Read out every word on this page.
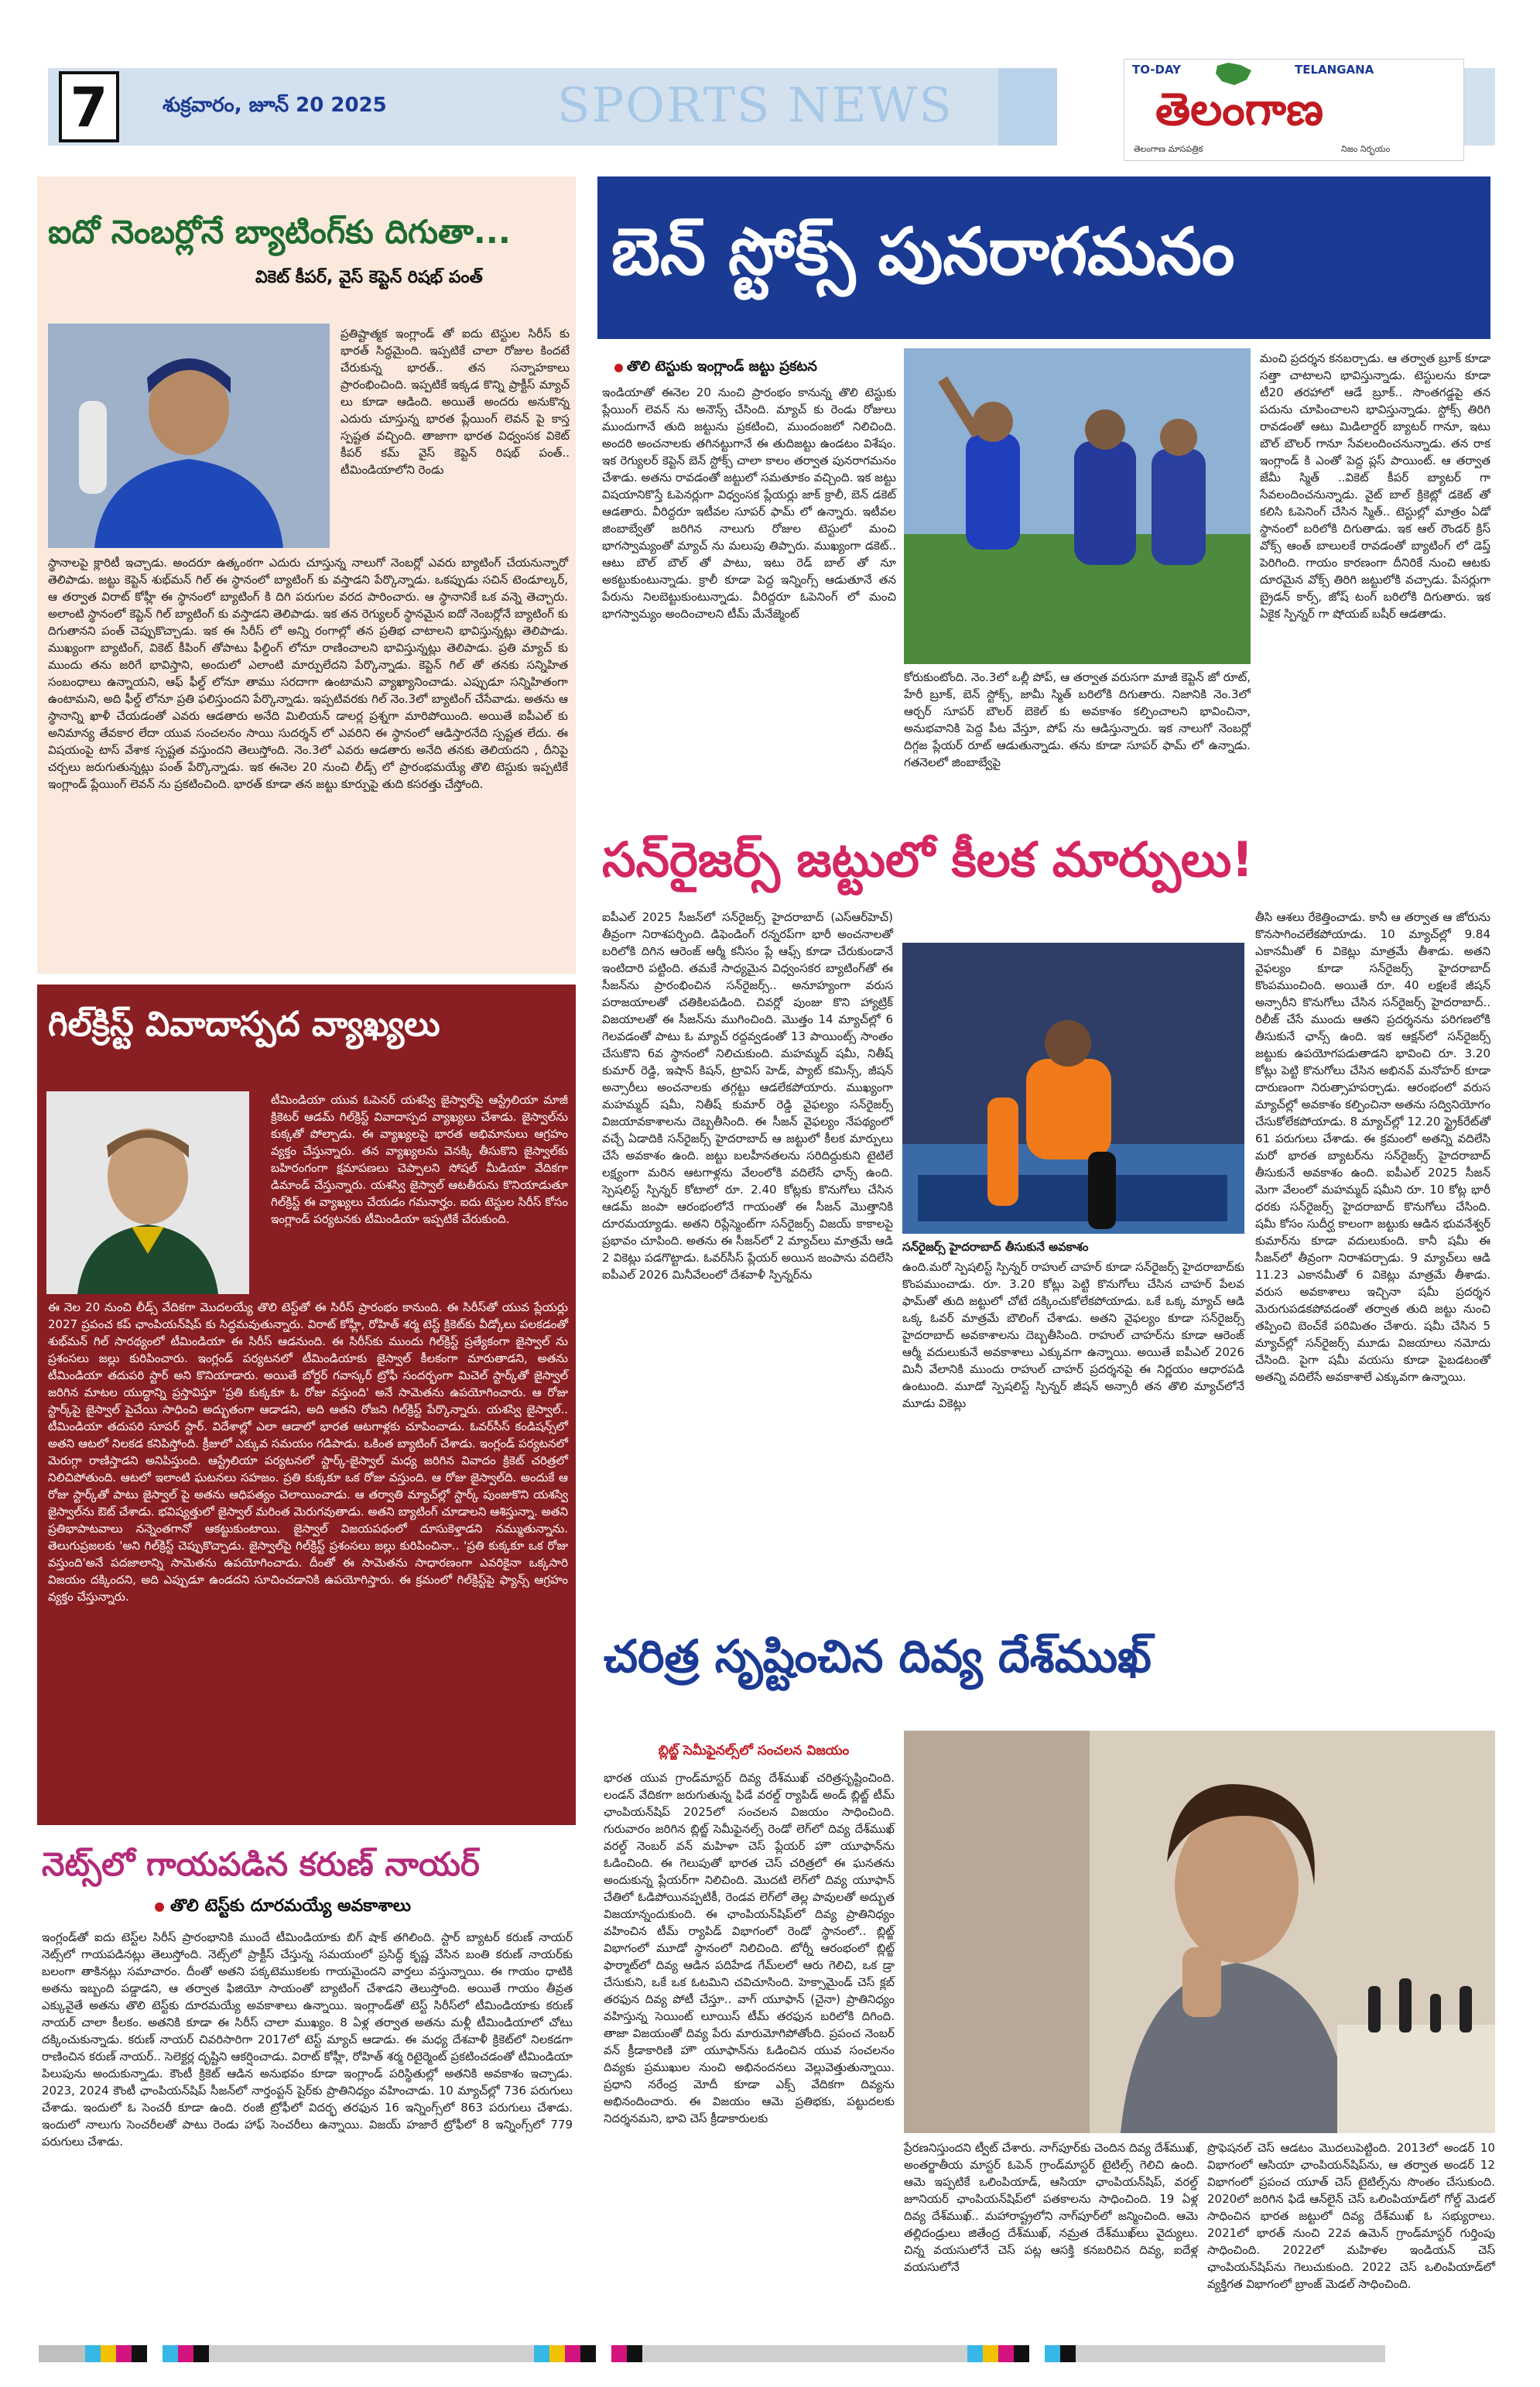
7	శుక్రవారం, జూన్ 20 2025	SPORTS NEWS
TO-DAY	TELANGANA
తెలంగాణ
తెలంగాణ మాసపత్రిక	నిజం నిర్భయం
ఐదో నెంబర్లోనే బ్యాటింగ్‌కు దిగుతా...
వికెట్ కీపర్, వైస్ కెప్టెన్ రిషభ్ పంత్
ప్రతిష్టాత్మక ఇంగ్లాండ్ తో ఐదు టెస్టుల సిరీస్ కు భారత్ సిద్ధమైంది. ఇప్పటికే చాలా రోజుల కిందటే చేరుకున్న భారత్.. తన సన్నాహకాలు ప్రారంభించింది. ఇప్పటికే ఇక్కడ కొన్ని ప్రాక్టీస్ మ్యాచ్ లు కూడా ఆడింది. అయితే అందరు అనుకొన్న ఎదురు చూస్తున్న భారత ప్లేయింగ్ లెవన్ పై కాస్త స్పష్టత వచ్చింది. తాజాగా భారత విధ్వంసక వికెట్ కీపర్ కమ్ వైస్ కెప్టెన్ రిషభ్ పంత్.. టీమిండియాలోని రెండు
స్థానాలపై క్లారిటీ ఇచ్చాడు. అందరూ ఉత్కంఠగా ఎదురు చూస్తున్న నాలుగో నెంబర్లో ఎవరు బ్యాటింగ్ చేయనున్నారో తెలిపాడు. జట్టు కెప్టెన్ శుభ్‌మన్ గిల్ ఈ స్థానంలో బ్యాటింగ్ కు వస్తాడని పేర్కొన్నాడు. ఒకప్పుడు సచిన్ టెండూల్కర్, ఆ తర్వాత విరాట్ కోహ్లీ ఈ స్థానంలో బ్యాటింగ్ కి దిగి పరుగుల వరద పారించారు. ఆ స్థానానికే ఒక వన్నె తెచ్చారు. అలాంటి స్థానంలో కెప్టెన్ గిల్ బ్యాటింగ్ కు వస్తాడని తెలిపాడు. ఇక తన రెగ్యులర్ స్థానమైన ఐదో నెంబర్లోనే బ్యాటింగ్ కు దిగుతానని పంత్ చెప్పుకొచ్చాడు. ఇక ఈ సిరీస్ లో అన్ని రంగాల్లో తన ప్రతిభ చాటాలని భావిస్తున్నట్లు తెలిపాడు. ముఖ్యంగా బ్యాటింగ్, వికెట్ కీపింగ్ తోపాటు ఫీల్డింగ్ లోనూ రాణించాలని భావిస్తున్నట్లు తెలిపాడు. ప్రతి మ్యాచ్ కు ముందు తను జరిగే భావిస్తాని, అందులో ఎలాంటి మార్పులేదని పేర్కొన్నాడు. కెప్టెన్ గిల్ తో తనకు సన్నిహిత సంబంధాలు ఉన్నాయని, ఆఫ్ ఫీల్డ్ లోనూ తాము సరదాగా ఉంటామని వ్యాఖ్యానించాడు. ఎప్పుడూ సన్నిహితంగా ఉంటామని, అది ఫీల్డ్ లోనూ ప్రతి ఫలిస్తుందని పేర్కొన్నాడు. ఇప్పటివరకు గిల్ నెం.3లో బ్యాటింగ్ చేసేవాడు. అతను ఆ స్థానాన్ని ఖాళీ చేయడంతో ఎవరు ఆడతారు అనేది మిలియన్ డాలర్ల ప్రశ్నగా మారిపోయింది. అయితే ఐపీఎల్ కు అనిమాన్య తేవకార లేదా యువ సంచలనం సాయి సుదర్శన్ లో ఎవరిని ఈ స్థానంలో ఆడిస్తారనేది స్పష్టత లేదు. ఈ విషయంపై టాస్ వేశాక స్పష్టత వస్తుందని తెలుస్తోంది. నెం.3లో ఎవరు ఆడతారు అనేది తనకు తెలియదని , దీనిపై చర్చలు జరుగుతున్నట్లు పంత్ పేర్కొన్నాడు. ఇక ఈనెల 20 నుంచి లీడ్స్ లో ప్రారంభమయ్యే తొలి టెస్టుకు ఇప్పటికే ఇంగ్లాండ్ ప్లేయింగ్ లెవన్ ను ప్రకటించింది. భారత్ కూడా తన జట్టు కూర్పుపై తుది కసరత్తు చేస్తోంది.
గిల్‌క్రిస్ట్ వివాదాస్పద వ్యాఖ్యలు
టీమిండియా యువ ఓపెనర్ యశస్వి జైస్వాల్‌పై ఆస్ట్రేలియా మాజీ క్రికెటర్ ఆడమ్ గిల్‌క్రిస్ట్ వివాదాస్పద వ్యాఖ్యలు చేశాడు. జైస్వాల్‌ను కుక్కతో పోల్చాడు. ఈ వ్యాఖ్యలపై భారత అభిమానులు ఆగ్రహం వ్యక్తం చేస్తున్నారు. తన వ్యాఖ్యలను వెనక్కి తీసుకొని జైస్వాల్‌కు బహిరంగంగా క్షమాపణలు చెప్పాలని సోషల్ మీడియా వేదికగా డిమాండ్ చేస్తున్నారు. యశస్వి జైస్వాల్ ఆటతీరును కొనియాడుతూ గిల్‌క్రిస్ట్ ఈ వ్యాఖ్యలు చేయడం గమనార్హం. ఐదు టెస్టుల సిరీస్ కోసం ఇంగ్లాండ్ పర్యటనకు టీమిండియా ఇప్పటికే చేరుకుంది.
ఈ నెల 20 నుంచి లీడ్స్ వేదికగా మొదలయ్యే తొలి టెస్ట్‌తో ఈ సిరీస్ ప్రారంభం కానుంది. ఈ సిరీస్‌తో యువ ప్లేయర్లు 2027 ప్రపంచ కప్ ఛాంపియన్‌షిప్ కు సిద్ధమవుతున్నారు. విరాట్ కోహ్లీ, రోహిత్ శర్మ టెస్ట్ క్రికెట్‌కు వీడ్కోలు పలకడంతో శుభ్‌మన్ గిల్ సారథ్యంలో టీమిండియా ఈ సిరీస్ ఆడనుంది. ఈ సిరీస్‌కు ముందు గిల్‌క్రిస్ట్ ప్రత్యేకంగా జైస్వాల్ ను ప్రశంసలు జల్లు కురిపించారు. ఇంగ్లండ్ పర్యటనలో టీమిండియాకు జైస్వాల్ కీలకంగా మారుతాడని, అతను టీమిండియా తదుపరి స్టార్ అని కొనియాడారు. అయితే బోర్డర్ గవాస్కర్ ట్రోఫీ సందర్భంగా మిచెల్ స్టార్క్‌తో జైస్వాల్ జరిగిన మాటల యుద్ధాన్ని ప్రస్తావిస్తూ 'ప్రతి కుక్కకూ ఓ రోజు వస్తుంది' అనే సామెతను ఉపయోగించారు. ఆ రోజు స్టార్క్‌పై జైస్వాల్ పైచేయి సాధించి అద్భుతంగా ఆడాడని, అది ఆతని రోజని గిల్‌క్రిస్ట్ పేర్కొన్నారు. యశస్వి జైస్వాల్.. టీమిండియా తదుపరి సూపర్ స్టార్. విదేశాల్లో ఎలా ఆడాలో భారత ఆటగాళ్లకు చూపించాడు. ఓవర్‌సీస్ కండిషన్స్‌లో అతని ఆటలో నిలకడ కనిపిస్తోంది. క్రీజులో ఎక్కువ సమయం గడిపాడు. ఒకింత బ్యాటింగ్ చేశాడు. ఇంగ్లండ్ పర్యటనలో మెరుగ్గా రాణిస్తాడని అనిపిస్తుంది. ఆస్ట్రేలియా పర్యటనలో స్టార్క్-జైస్వాల్ మధ్య జరిగిన వివాదం క్రికెట్ చరిత్రలో నిలిచిపోతుంది. ఆటలో ఇలాంటి ఘటనలు సహజం. ప్రతి కుక్కకూ ఒక రోజు వస్తుంది. ఆ రోజు జైస్వాల్‌ది. అందుకే ఆ రోజు స్టార్క్‌తో పాటు జైస్వాల్ పై అతను ఆధిపత్యం చెలాయించాడు. ఆ తర్వాతి మ్యాచ్‌ల్లో స్టార్క్ పుంజుకొని యశస్వి జైస్వాల్‌ను ఔట్ చేశాడు. భవిష్యత్తులో జైస్వాల్ మరింత మెరుగవుతాడు. అతని బ్యాటింగ్ చూడాలని ఆశిస్తున్నా. అతని ప్రతిభాపాటవాలు నన్నెంతగానో ఆకట్టుకుంటాయి. జైస్వాల్ విజయపథంలో దూసుకెళ్తాడని నమ్ముతున్నాను. తెలుగుప్రజలకు 'అని గిల్‌క్రిస్ట్ చెప్పుకొచ్చాడు. జైస్వాల్‌పై గిల్‌క్రిస్ట్ ప్రశంసలు జల్లు కురిపించినా.. 'ప్రతి కుక్కకూ ఒక రోజు వస్తుంది'అనే పదజాలాన్ని సామెతను ఉపయోగించాడు. దీంతో ఈ సామెతను సాధారణంగా ఎవరికైనా ఒక్కసారి విజయం దక్కిందని, అది ఎప్పుడూ ఉండదని సూచించడానికి ఉపయోగిస్తారు. ఈ క్రమంలో గిల్‌క్రిస్ట్‌పై ఫ్యాన్స్ ఆగ్రహం వ్యక్తం చేస్తున్నారు.
నెట్స్‌లో గాయపడిన కరుణ్ నాయర్
తొలి టెస్ట్‌కు దూరమయ్యే అవకాశాలు
ఇంగ్లండ్‌తో ఐదు టెస్ట్‌ల సిరీస్ ప్రారంభానికి ముందే టీమిండియాకు బిగ్ షాక్ తగిలింది. స్టార్ బ్యాటర్ కరుణ్ నాయర్ నెట్స్‌లో గాయపడినట్లు తెలుస్తోంది. నెట్స్‌లో ప్రాక్టీస్ చేస్తున్న సమయంలో ప్రసిద్ధ్ కృష్ణ వేసిన బంతి కరుణ్ నాయర్‌కు బలంగా తాకినట్లు సమాచారం. దీంతో అతని పక్కటెముకలకు గాయమైందని వార్తలు వస్తున్నాయి. ఈ గాయం ధాటికి అతను ఇబ్బంది పడ్డాడని, ఆ తర్వాత ఫిజియో సాయంతో బ్యాటింగ్ చేశాడని తెలుస్తోంది. అయితే గాయం తీవ్రత ఎక్కువైతే అతను తొలి టెస్ట్‌కు దూరమయ్యే అవకాశాలు ఉన్నాయి. ఇంగ్లాండ్‌తో టెస్ట్ సిరీస్‌లో టీమిండియాకు కరుణ్ నాయర్ చాలా కీలకం. అతనికి కూడా ఈ సిరీస్ చాలా ముఖ్యం. 8 ఏళ్ల తర్వాత అతను మళ్లీ టీమిండియాలో చోటు దక్కించుకున్నాడు. కరుణ్ నాయర్ చివరిసారిగా 2017లో టెస్ట్ మ్యాచ్ ఆడాడు. ఈ మధ్య దేశవాళీ క్రికెట్‌లో నిలకడగా రాణించిన కరుణ్ నాయర్.. సెలెక్టర్ల దృష్టిని ఆకర్షించాడు. విరాట్ కోహ్లీ, రోహిత్ శర్మ రిటైర్మెంట్ ప్రకటించడంతో టీమిండియా పిలుపును అందుకున్నాడు. కౌంటీ క్రికెట్ ఆడిన అనుభవం కూడా ఇంగ్లాండ్ పరిస్థితుల్లో అతనికి అవకాశం ఇచ్చాడు. 2023, 2024 కౌంటీ ఛాంపియన్‌షిప్ సీజన్‌లో నార్తంప్టన్ షైర్‌కు ప్రాతినిధ్యం వహించాడు. 10 మ్యాచ్‌ల్లో 736 పరుగులు చేశాడు. ఇందులో ఓ సెంచరీ కూడా ఉంది. రంజీ ట్రోఫీలో విదర్భ తరఫున 16 ఇన్నింగ్స్‌లో 863 పరుగులు చేశాడు. ఇందులో నాలుగు సెంచరీలతో పాటు రెండు హాఫ్ సెంచరీలు ఉన్నాయి. విజయ్ హజారే ట్రోఫీలో 8 ఇన్నింగ్స్‌లో 779 పరుగులు చేశాడు.
బెన్ స్టోక్స్ పునరాగమనం
తొలి టెస్టుకు ఇంగ్లాండ్ జట్టు ప్రకటన
ఇండియాతో ఈనెల 20 నుంచి ప్రారంభం కానున్న తొలి టెస్టుకు ప్లేయింగ్ లెవన్ ను అనౌన్స్ చేసింది. మ్యాచ్ కు రెండు రోజులు ముందుగానే తుది జట్టును ప్రకటించి, ముందంజలో నిలిచింది. అందరి అంచనాలకు తగినట్టుగానే ఈ తుదిజట్టు ఉండటం విశేషం. ఇక రెగ్యులర్ కెప్టెన్ బెన్ స్టోక్స్ చాలా కాలం తర్వాత పునరాగమనం చేశాడు. అతను రావడంతో జట్టులో సమతూకం వచ్చింది. ఇక జట్టు విషయానికొస్తే ఓపెనర్లుగా విధ్వంసక ప్లేయర్లు జాక్ క్రాలీ, బెన్ డకెట్ ఆడతారు. వీరిద్దరూ ఇటీవల సూపర్ ఫామ్ లో ఉన్నారు. ఇటీవల జింబాబ్వేతో జరిగిన నాలుగు రోజుల టెస్టులో మంచి భాగస్వామ్యంతో మ్యాచ్ ను మలుపు తిప్పారు. ముఖ్యంగా డకెట్.. ఆటు బౌల్ బౌల్ తో పాటు, ఇటు రెడ్ బాల్ తో నూ అకట్టుకుంటున్నాడు. క్రాలీ కూడా పెద్ద ఇన్నింగ్స్ ఆడుతూనే తన పేరును నిలబెట్టుకుంటున్నాడు. వీరిద్దరూ ఓపెనింగ్ లో మంచి భాగస్వామ్యం అందించాలని టీమ్ మేనేజ్మెంట్
కోరుకుంటోంది. నెం.3లో ఒల్లీ పోప్, ఆ తర్వాత వరుసగా మాజీ కెప్టెన్ జో రూట్, హేరీ బ్రూక్, బెన్ స్టోక్స్, జామీ స్మిత్ బరిలోకి దిగుతారు. నిజానికి నెం.3లో ఆర్చర్ సూపర్ బౌలర్ బెకెల్ కు అవకాశం కల్పించాలని భావించినా, అనుభవానికి పెద్ద పీట వేస్తూ, పోప్ ను ఆడిస్తున్నారు. ఇక నాలుగో నెంబర్లో దిగ్గజ ప్లేయర్ రూట్ ఆడుతున్నాడు. తను కూడా సూపర్ ఫామ్ లో ఉన్నాడు. గతనెలలో జింబాబ్వేపై
మంచి ప్రదర్శన కనబర్చాడు. ఆ తర్వాత బ్రూక్ కూడా సత్తా చాటాలని భావిస్తున్నాడు. టెస్టులను కూడా టీ20 తరహాలో ఆడే బ్రూక్.. సొంతగడ్డపై తన పదును చూపించాలని భావిస్తున్నాడు. స్టోక్స్ తిరిగి రావడంతో ఆటు మిడిలార్డర్ బ్యాటర్ గానూ, ఇటు బౌల్ బౌలర్ గానూ సేవలందించనున్నాడు. తన రాక ఇంగ్లాండ్ కి ఎంతో పెద్ద ప్లస్ పాయింట్. ఆ తర్వాత జేమీ స్మిత్ ..వికెట్ కీపర్ బ్యాటర్ గా సేవలందించనున్నాడు. వైట్ బాల్ క్రికెట్లో డకెట్ తో కలిసి ఓపెనింగ్ చేసిన స్మిత్.. టెస్టుల్లో మాత్రం ఏడో స్థానంలో బరిలోకి దిగుతాడు. ఇక ఆల్ రౌండర్ క్రిస్ వోక్స్ ఆంత్ బాలులకే రావడంతో బ్యాటింగ్ లో డెప్త్ పెరిగింది. గాయం కారణంగా దీనిరికే నుంచి ఆటకు దూరమైన వోక్స్ తిరిగి జట్టులోకి వచ్చాడు. పేసర్లుగా బ్రైడన్ కార్స్, జోష్ టంగ్ బరిలోకి దిగుతారు. ఇక ఏకైక స్పిన్నర్ గా షోయబ్ బషీర్ ఆడతాడు.
సన్‌రైజర్స్ జట్టులో కీలక మార్పులు!
ఐపీఎల్ 2025 సీజన్‌లో సన్‌రైజర్స్ హైదరాబాద్ (ఎస్ఆర్‌హెచ్) తీవ్రంగా నిరాశపర్చింది. డిఫెండింగ్ రన్నరప్‌గా భారీ అంచనాలతో బరిలోకి దిగిన ఆరెంజ్ ఆర్మీ కనీసం ప్లే ఆఫ్స్ కూడా చేరుకుండానే ఇంటిదారి పట్టింది. తమకే సాధ్యమైన విధ్వంసకర బ్యాటింగ్‌తో ఈ సీజన్‌ను ప్రారంభించిన సన్‌రైజర్స్.. అనూహ్యంగా వరుస పరాజయాలతో చతికిలపడింది. చివర్లో పుంజు కొని హ్యాట్రిక్ విజయాలతో ఈ సీజన్‌ను ముగించింది. మొత్తం 14 మ్యాచ్‌ల్లో 6 గెలవడంతో పాటు ఓ మ్యాచ్ రద్దవ్వడంతో 13 పాయింట్స్ సాంతం చేసుకొని 6వ స్థానంలో నిలిచుకుంది. మహమ్మద్ షమీ, నితీష్ కుమార్ రెడ్డి, ఇషాన్ కిషన్, ట్రావిస్ హెడ్, ప్యాట్ కమిన్స్, జీషన్ అన్సారీలు అంచనాలకు తగ్గట్టు ఆడలేకపోయారు. ముఖ్యంగా మహమ్మద్ షమీ, నితీష్ కుమార్ రెడ్డి వైఫల్యం సన్‌రైజర్స్ విజయావకాశాలను దెబ్బతీసింది. ఈ సీజన్ వైఫల్యం నేపథ్యంలో వచ్చే ఏడాదికి సన్‌రైజర్స్ హైదరాబాద్ ఆ జట్టులో కీలక మార్పులు చేసే అవకాశం ఉంది. జట్టు బలహీనతలను సరిదిద్దుకుని టైటిలే లక్ష్యంగా మరిన ఆటగాళ్లను వేలంలోకి వదిలేసే ఛాన్స్ ఉంది. స్పెషలిస్ట్ స్పిన్నర్ కోటాలో రూ. 2.40 కోట్లకు కొనుగోలు చేసిన ఆడమ్ జంపా ఆరంభంలోనే గాయంతో ఈ సీజన్ మొత్తానికి దూరమయ్యాడు. అతని రిప్లేస్మెంట్‌గా సన్‌రైజర్స్ విజయ్ కాకాలపై ప్రభావం చూపింది. అతను ఈ సీజన్‌లో 2 మ్యాచ్‌లు మాత్రమే ఆడి 2 వికెట్లు పడగొట్టాడు. ఓవర్‌సీస్ ప్లేయర్ అయిన జంపాను వదిలేసి ఐపీఎల్ 2026 మినీవేలంలో దేశవాళీ స్పిన్నర్‌ను
సన్‌రైజర్స్ హైదరాబాద్ తీసుకునే అవకాశం
ఉంది.మరో స్పెషలిస్ట్ స్పిన్నర్ రాహుల్ చాహర్ కూడా సన్‌రైజర్స్ హైదరాబాద్‌కు కొంపముంచాడు. రూ. 3.20 కోట్లు పెట్టి కొనుగోలు చేసిన చాహర్ పేలవ ఫామ్‌తో తుది జట్టులో చోటే దక్కించుకోలేకపోయాడు. ఒకే ఒక్క మ్యాచ్ ఆడి ఒక్క ఓవర్ మాత్రమే బౌలింగ్ చేశాడు. అతని వైఫల్యం కూడా సన్‌రైజర్స్ హైదరాబాద్ అవకాశాలను దెబ్బతీసింది. రాహుల్ చాహర్‌ను కూడా ఆరెంజ్ ఆర్మీ వదులుకునే అవకాశాలు ఎక్కువగా ఉన్నాయి. అయితే ఐపీఎల్ 2026 మినీ వేలానికి ముందు రాహుల్ చాహర్ ప్రదర్శనపై ఈ నిర్ణయం ఆధారపడి ఉంటుంది. మూడో స్పెషలిస్ట్ స్పిన్నర్ జీషన్ అన్సారీ తన తొలి మ్యాచ్‌లోనే మూడు వికెట్లు
తీసి ఆశలు రేకెత్తించాడు. కానీ ఆ తర్వాత ఆ జోరును కొనసాగించలేకపోయాడు. 10 మ్యాచ్‌ల్లో 9.84 ఎకానమీతో 6 వికెట్లు మాత్రమే తీశాడు. అతని వైఫల్యం కూడా సన్‌రైజర్స్ హైదరాబాద్ కొంపముంచింది. అయితే రూ. 40 లక్షలకే జీషన్ అన్సారీని కొనుగోలు చేసిన సన్‌రైజర్స్ హైదరాబాద్.. రిలీజ్ చేసే ముందు ఆతని ప్రదర్శనను పరిగణలోకి తీసుకునే ఛాన్స్ ఉంది. ఇక ఆక్షన్‌లో సన్‌రైజర్స్ జట్టుకు ఉపయోగపడుతాడని భావించి రూ. 3.20 కోట్లు పెట్టి కొనుగోలు చేసిన అభినవ్ మనోహర్ కూడా దారుణంగా నిరుత్సాహపర్చాడు. ఆరంభంలో వరుస మ్యాచ్‌ల్లో అవకాశం కల్పించినా అతను సద్వినియోగం చేసుకోలేకపోయాడు. 8 మ్యాచ్‌ల్లో 12.20 స్ట్రైక్‌రేట్‌తో 61 పరుగులు చేశాడు. ఈ క్రమంలో అతన్ని వదిలేసి మరో భారత బ్యాటర్‌ను సన్‌రైజర్స్ హైదరాబాద్ తీసుకునే అవకాశం ఉంది. ఐపీఎల్ 2025 సీజన్ మెగా వేలంలో మహమ్మద్ షమీని రూ. 10 కోట్ల భారీ ధరకు సన్‌రైజర్స్ హైదరాబాద్ కొనుగోలు చేసింది. షమీ కోసం సుదీర్ఘ కాలంగా జట్టుకు ఆడిన భువనేశ్వర్ కుమార్‌ను కూడా వదులుకుంది. కానీ షమీ ఈ సీజన్‌లో తీవ్రంగా నిరాశపర్చాడు. 9 మ్యాచ్‌లు ఆడి 11.23 ఎకానమీతో 6 వికెట్లు మాత్రమే తీశాడు. వరుస అవకాశాలు ఇచ్చినా షమీ ప్రదర్శన మెరుగుపడకపోవడంతో తర్వాత తుది జట్టు నుంచి తప్పించి బెంచ్‌కే పరిమితం చేశారు. షమీ చేసిన 5 మ్యాచ్‌ల్లో సన్‌రైజర్స్ మూడు విజయాలు నమోదు చేసింది. పైగా షమీ వయసు కూడా పైబడటంతో అతన్ని వదిలేసే అవకాశాలే ఎక్కువగా ఉన్నాయి.
చరిత్ర సృష్టించిన దివ్య దేశ్‌ముఖ్
బ్లిట్జ్ సెమీఫైనల్స్‌లో సంచలన విజయం
భారత యువ గ్రాండ్‌మాస్టర్ దివ్య దేశ్‌ముఖ్ చరిత్రసృష్టించింది. లండన్ వేదికగా జరుగుతున్న ఫిడే వరల్డ్ ర్యాపిడ్ అండ్ బ్లిట్జ్ టీమ్ ఛాంపియన్‌షిప్ 2025లో సంచలన విజయం సాధించింది. గురువారం జరిగిన బ్లిట్జ్ సెమీఫైనల్స్ రెండో లెగ్‌లో దివ్య దేశ్‌ముఖ్ వరల్డ్ నెంబర్ వన్ మహిళా చెస్ ప్లేయర్ హౌ యూఫాన్‌ను ఓడించింది. ఈ గెలుపుతో భారత చెస్ చరిత్రలో ఈ ఘనతను అందుకున్న ప్లేయర్‌గా నిలిచింది. మొదటి లెగ్‌లో దివ్య యూఫాన్ చేతిలో ఓడిపోయినప్పటికీ, రెండవ లెగ్‌లో తెల్ల పావులతో అద్భుత విజయాన్నందుకుంది. ఈ ఛాంపియన్‌షిప్‌లో దివ్య ప్రాతినిధ్యం వహించిన టీమ్ ర్యాపిడ్ విభాగంలో రెండో స్థానంలో.. బ్లిట్జ్ విభాగంలో మూడో స్థానంలో నిలిచింది. టోర్నీ ఆరంభంలో బ్లిట్జ్ ఫార్మాట్‌లో దివ్య ఆడిన పదిహేడ గేమ్‌లలో ఆరు గెలిచి, ఒక డ్రా చేసుకుని, ఒకే ఒక ఓటమిని చవిచూసింది. హెక్సామైండ్ చెస్ క్లబ్ తరఫున దివ్య పోటీ చేస్తూ.. వాగ్ యూఫాన్ (చైనా) ప్రాతినిధ్యం వహిస్తున్న సెయింట్ లూయిస్ టీమ్ తరఫున బరిలోకి దిగింది. తాజా విజయంతో దివ్య పేరు మారుమోగిపోతోంది. ప్రపంచ నెంబర్ వన్ క్రీడాకారిణి హౌ యూఫాన్‌ను ఓడించిన యువ సంచలనం దివ్యకు ప్రముఖుల నుంచి అభినందనలు వెల్లువెత్తుతున్నాయి. ప్రధాని నరేంద్ర మోదీ కూడా ఎక్స్ వేదికగా దివ్యను అభినందించారు. ఈ విజయం ఆమె ప్రతిభకు, పట్టుదలకు నిదర్శనమని, భావి చెస్ క్రీడాకారులకు
ప్రేరణనిస్తుందని ట్వీట్ చేశారు. నాగ్‌పూర్‌కు చెందిన దివ్య దేశ్‌ముఖ్, అంతర్జాతీయ మాస్టర్ ఓపెన్ గ్రాండ్‌మాస్టర్ టైటిల్స్ గెలిచి ఉంది. ఆమె ఇప్పటికే ఒలింపియాడ్, ఆసియా ఛాంపియన్‌షిప్, వరల్డ్ జూనియర్ ఛాంపియన్‌షిప్‌లో పతకాలను సాధించింది. 19 ఏళ్ల దివ్య దేశ్‌ముఖ్.. మహారాష్ట్రలోని నాగ్‌పూర్‌లో జన్మించింది. ఆమె తల్లిదండ్రులు జితేంద్ర దేశ్‌ముఖ్, నమ్రత దేశ్‌ముఖ్‌లు వైద్యులు. చిన్న వయసులోనే చెస్ పట్ల ఆసక్తి కనబరిచిన దివ్య, ఐదేళ్ల వయసులోనే
ప్రొఫెషనల్ చెస్ ఆడటం మొదలుపెట్టింది. 2013లో అండర్ 10 విభాగంలో ఆసియా ఛాంపియన్‌షిప్‌ను, ఆ తర్వాత అండర్ 12 విభాగంలో ప్రపంచ యూత్ చెస్ టైటిల్స్‌ను సొంతం చేసుకుంది. 2020లో జరిగిన ఫిడే ఆన్‌లైన్ చెస్ ఒలింపియాడ్‌లో గోల్డ్ మెడల్ సాధించిన భారత జట్టులో దివ్య దేశ్‌ముఖ్ ఓ సభ్యురాలు. 2021లో భారత్ నుంచి 22వ ఉమెన్ గ్రాండ్‌మాస్టర్ గుర్తింపు సాధించింది. 2022లో మహిళల ఇండియన్ చెస్ ఛాంపియన్‌షిప్‌ను గెలుచుకుంది. 2022 చెస్ ఒలింపియాడ్‌లో వ్యక్తిగత విభాగంలో బ్రాంజ్ మెడల్ సాధించింది.
